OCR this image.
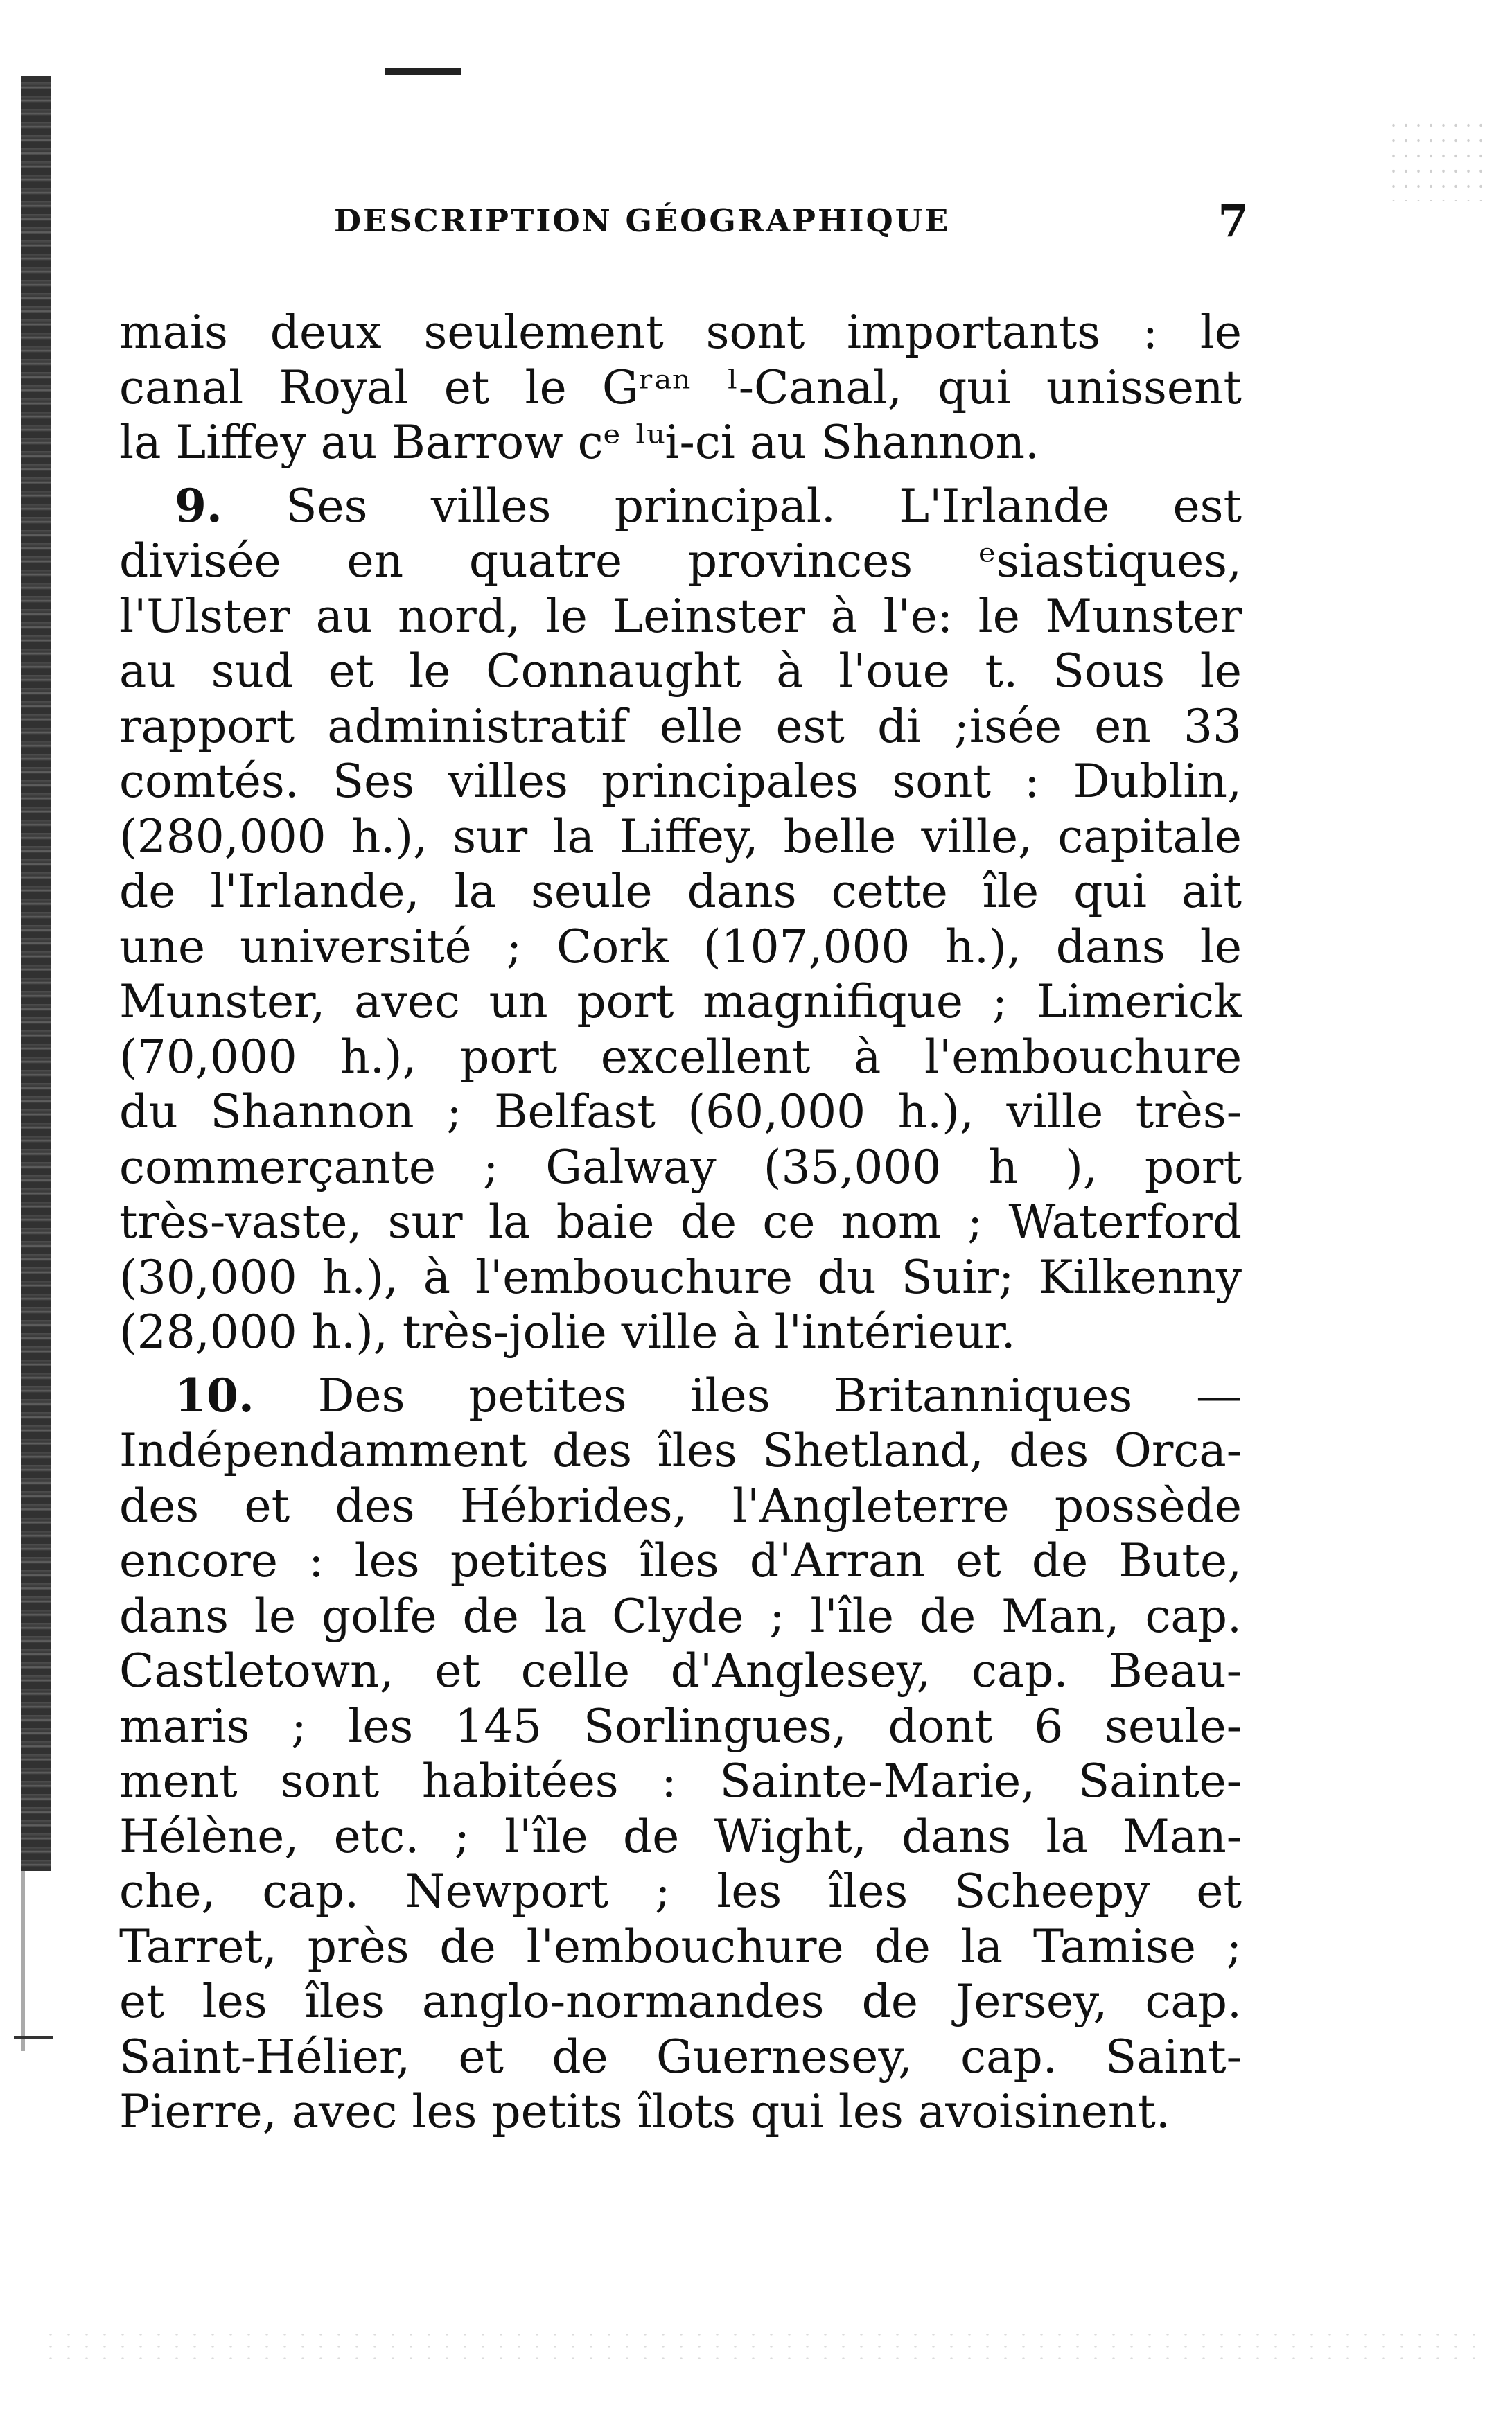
DESCRIPTION GÉOGRAPHIQUE	7
mais deux seulement sont importants : le
canal Royal et le Gʳᵃⁿ ˡ-Canal, qui unissent
la Liffey au Barrow cᵉ ˡᵘi-ci au Shannon.
9. Ses villes principal. L'Irlande est
divisée en quatre provinces ᵉsiastiques,
l'Ulster au nord, le Leinster à l'e: le Munster
au sud et le Connaught à l'oue t. Sous le
rapport administratif elle est di ;isée en 33
comtés. Ses villes principales sont : Dublin,
(280,000 h.), sur la Liffey, belle ville, capitale
de l'Irlande, la seule dans cette île qui ait
une université ; Cork (107,000 h.), dans le
Munster, avec un port magnifique ; Limerick
(70,000 h.), port excellent à l'embouchure
du Shannon ; Belfast (60,000 h.), ville très-
commerçante ; Galway (35,000 h ), port
très-vaste, sur la baie de ce nom ; Waterford
(30,000 h.), à l'embouchure du Suir; Kilkenny
(28,000 h.), très-jolie ville à l'intérieur.
10. Des petites iles Britanniques —
Indépendamment des îles Shetland, des Orca-
des et des Hébrides, l'Angleterre possède
encore : les petites îles d'Arran et de Bute,
dans le golfe de la Clyde ; l'île de Man, cap.
Castletown, et celle d'Anglesey, cap. Beau-
maris ; les 145 Sorlingues, dont 6 seule-
ment sont habitées : Sainte-Marie, Sainte-
Hélène, etc. ; l'île de Wight, dans la Man-
che, cap. Newport ; les îles Scheepy et
Tarret, près de l'embouchure de la Tamise ;
et les îles anglo-normandes de Jersey, cap.
Saint-Hélier, et de Guernesey, cap. Saint-
Pierre, avec les petits îlots qui les avoisinent.
